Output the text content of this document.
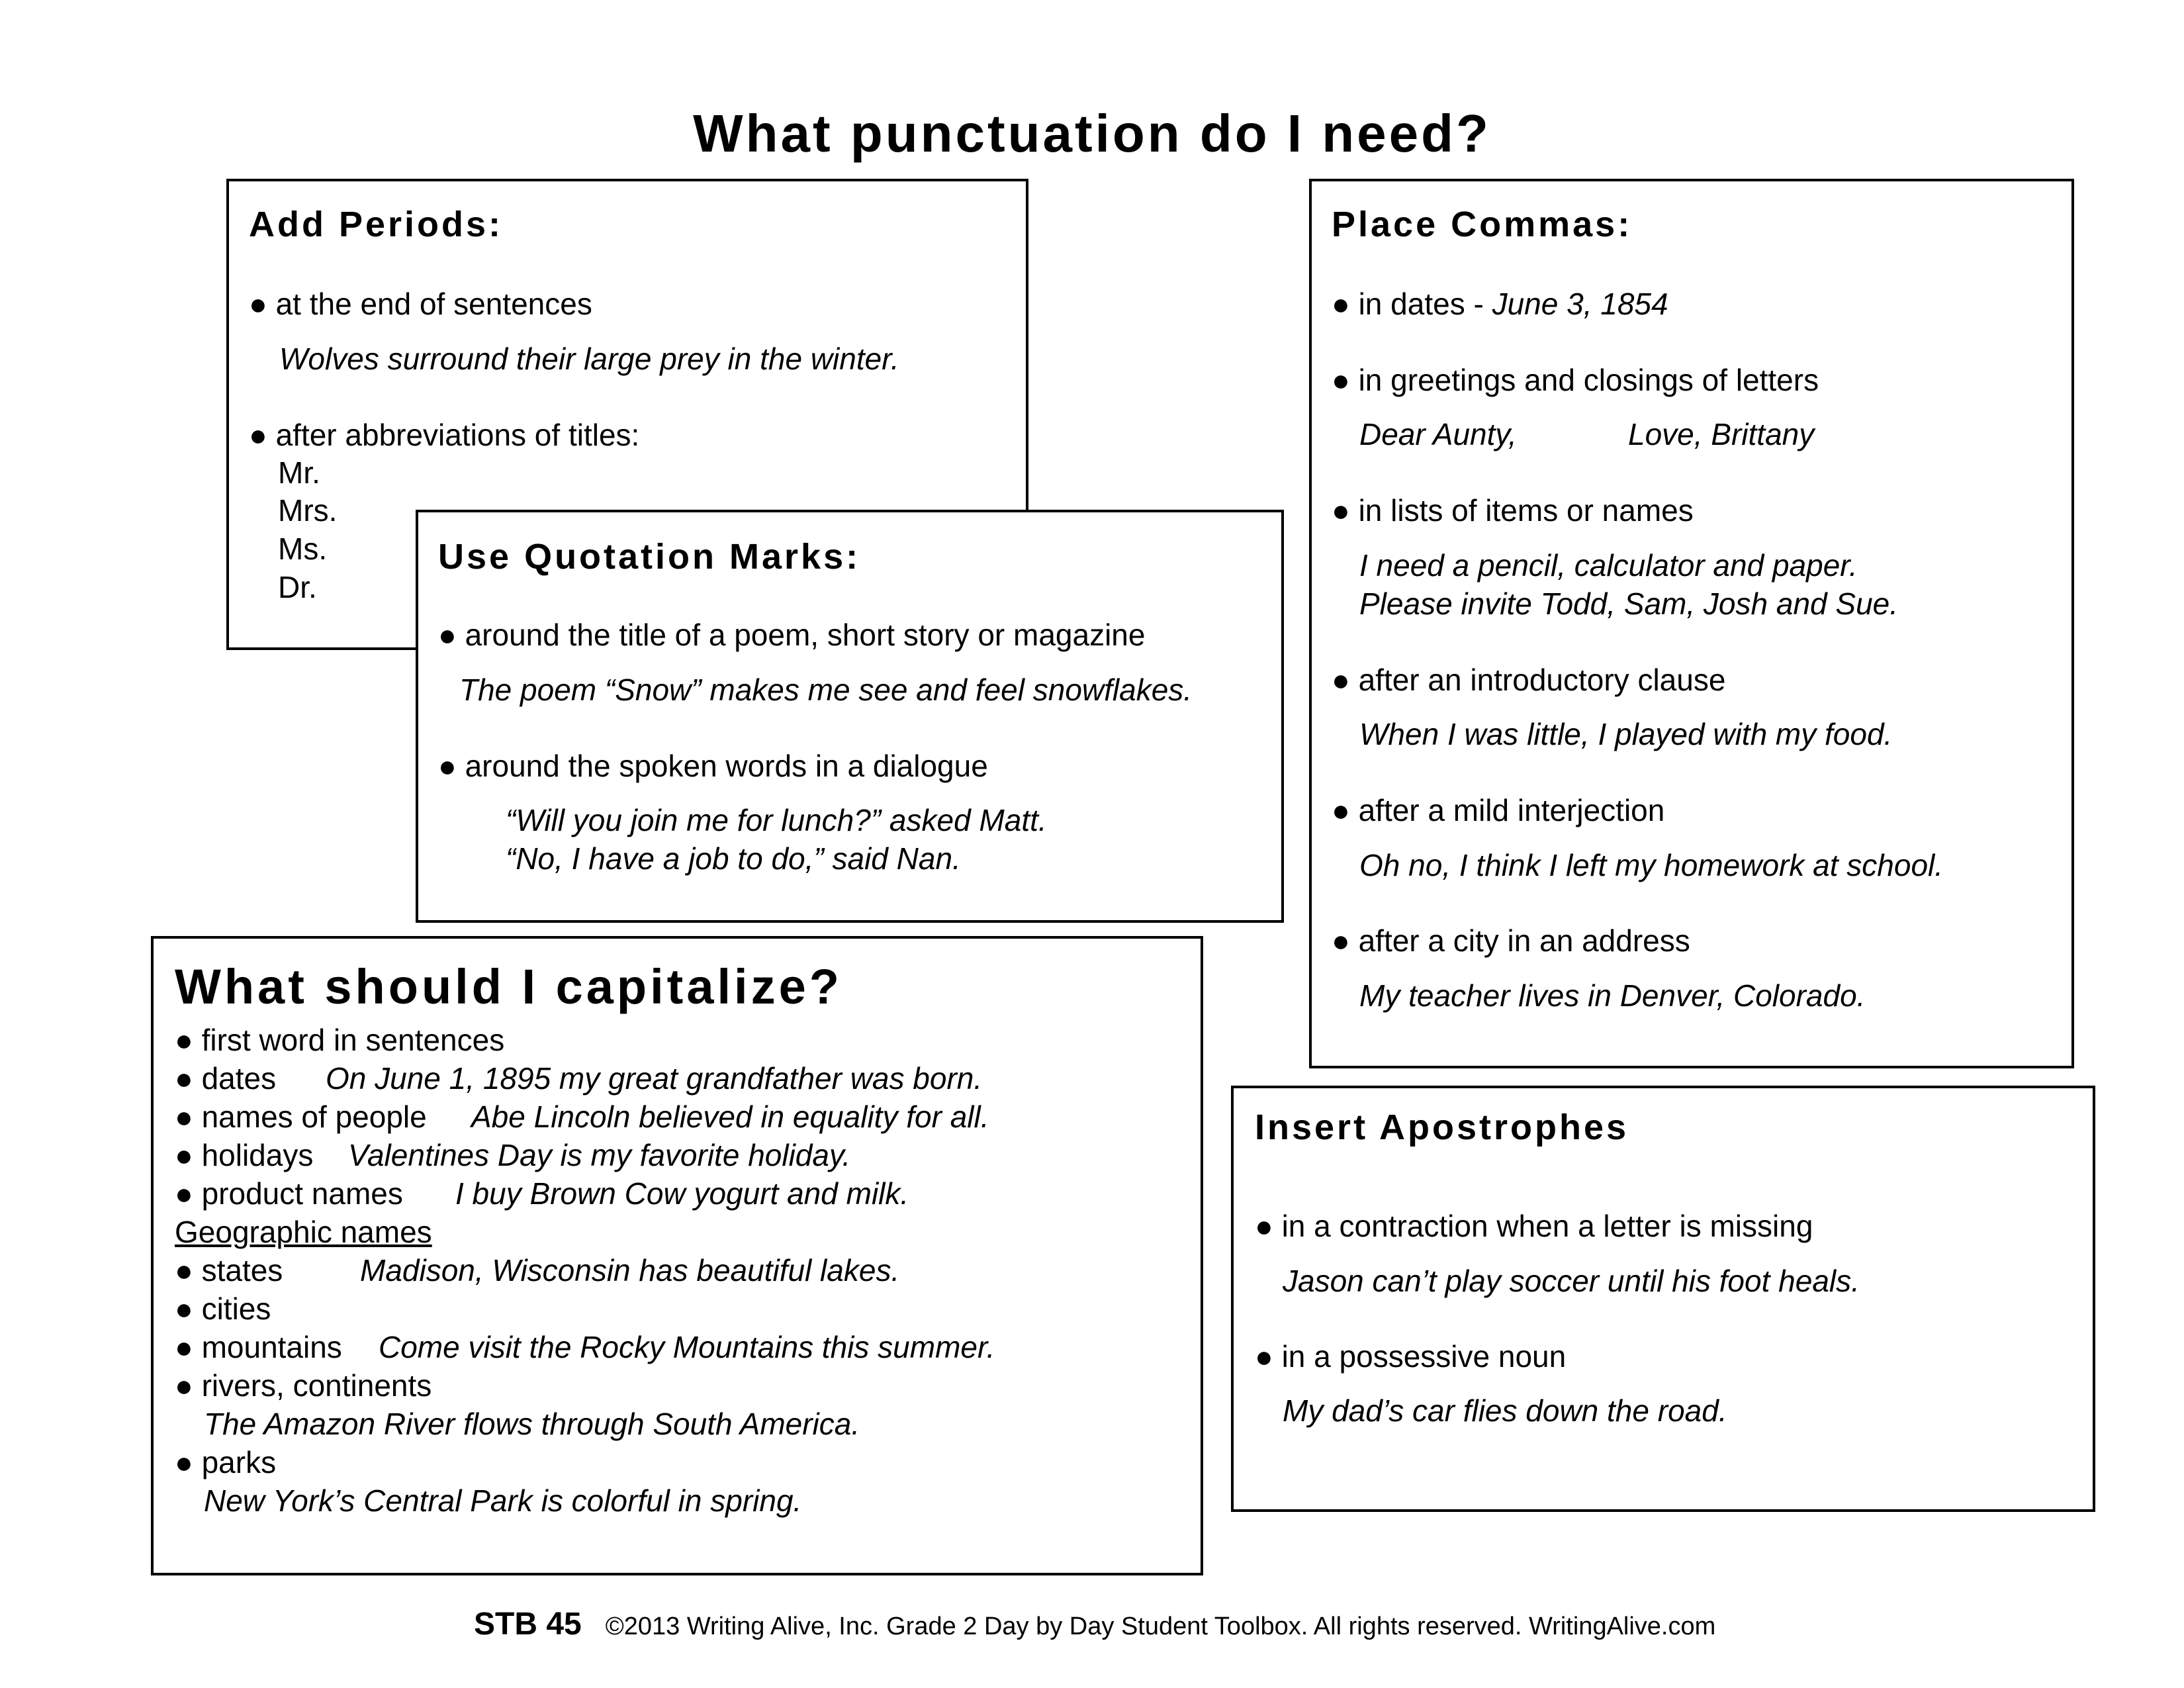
What punctuation do I need?
Add Periods:
● at the end of sentences
Wolves surround their large prey in the winter.
● after abbreviations of titles:
Mr.
Mrs.
Ms.
Dr.
Use Quotation Marks:
● around the title of a poem, short story or magazine
The poem “Snow” makes me see and feel snowflakes.
● around the spoken words in a dialogue
“Will you join me for lunch?” asked Matt.
“No, I have a job to do,” said Nan.
Place Commas:
● in dates - June 3, 1854
● in greetings and closings of letters
Dear Aunty,	Love, Brittany
● in lists of items or names
I need a pencil, calculator and paper.
Please invite Todd, Sam, Josh and Sue.
● after an introductory clause
When I was little, I played with my food.
● after a mild interjection
Oh no, I think I left my homework at school.
● after a city in an address
My teacher lives in Denver, Colorado.
What should I capitalize?
● first word in sentences
● dates On June 1, 1895 my great grandfather was born.
● names of people Abe Lincoln believed in equality for all.
● holidays Valentines Day is my favorite holiday.
● product names I buy Brown Cow yogurt and milk.
Geographic names
● states	Madison, Wisconsin has beautiful lakes.
● cities
● mountains Come visit the Rocky Mountains this summer.
● rivers, continents
The Amazon River flows through South America.
● parks
New York’s Central Park is colorful in spring.
Insert Apostrophes
● in a contraction when a letter is missing
Jason can’t play soccer until his foot heals.
● in a possessive noun
My dad’s car flies down the road.
STB 45 ©2013 Writing Alive, Inc. Grade 2 Day by Day Student Toolbox. All rights reserved. WritingAlive.com
